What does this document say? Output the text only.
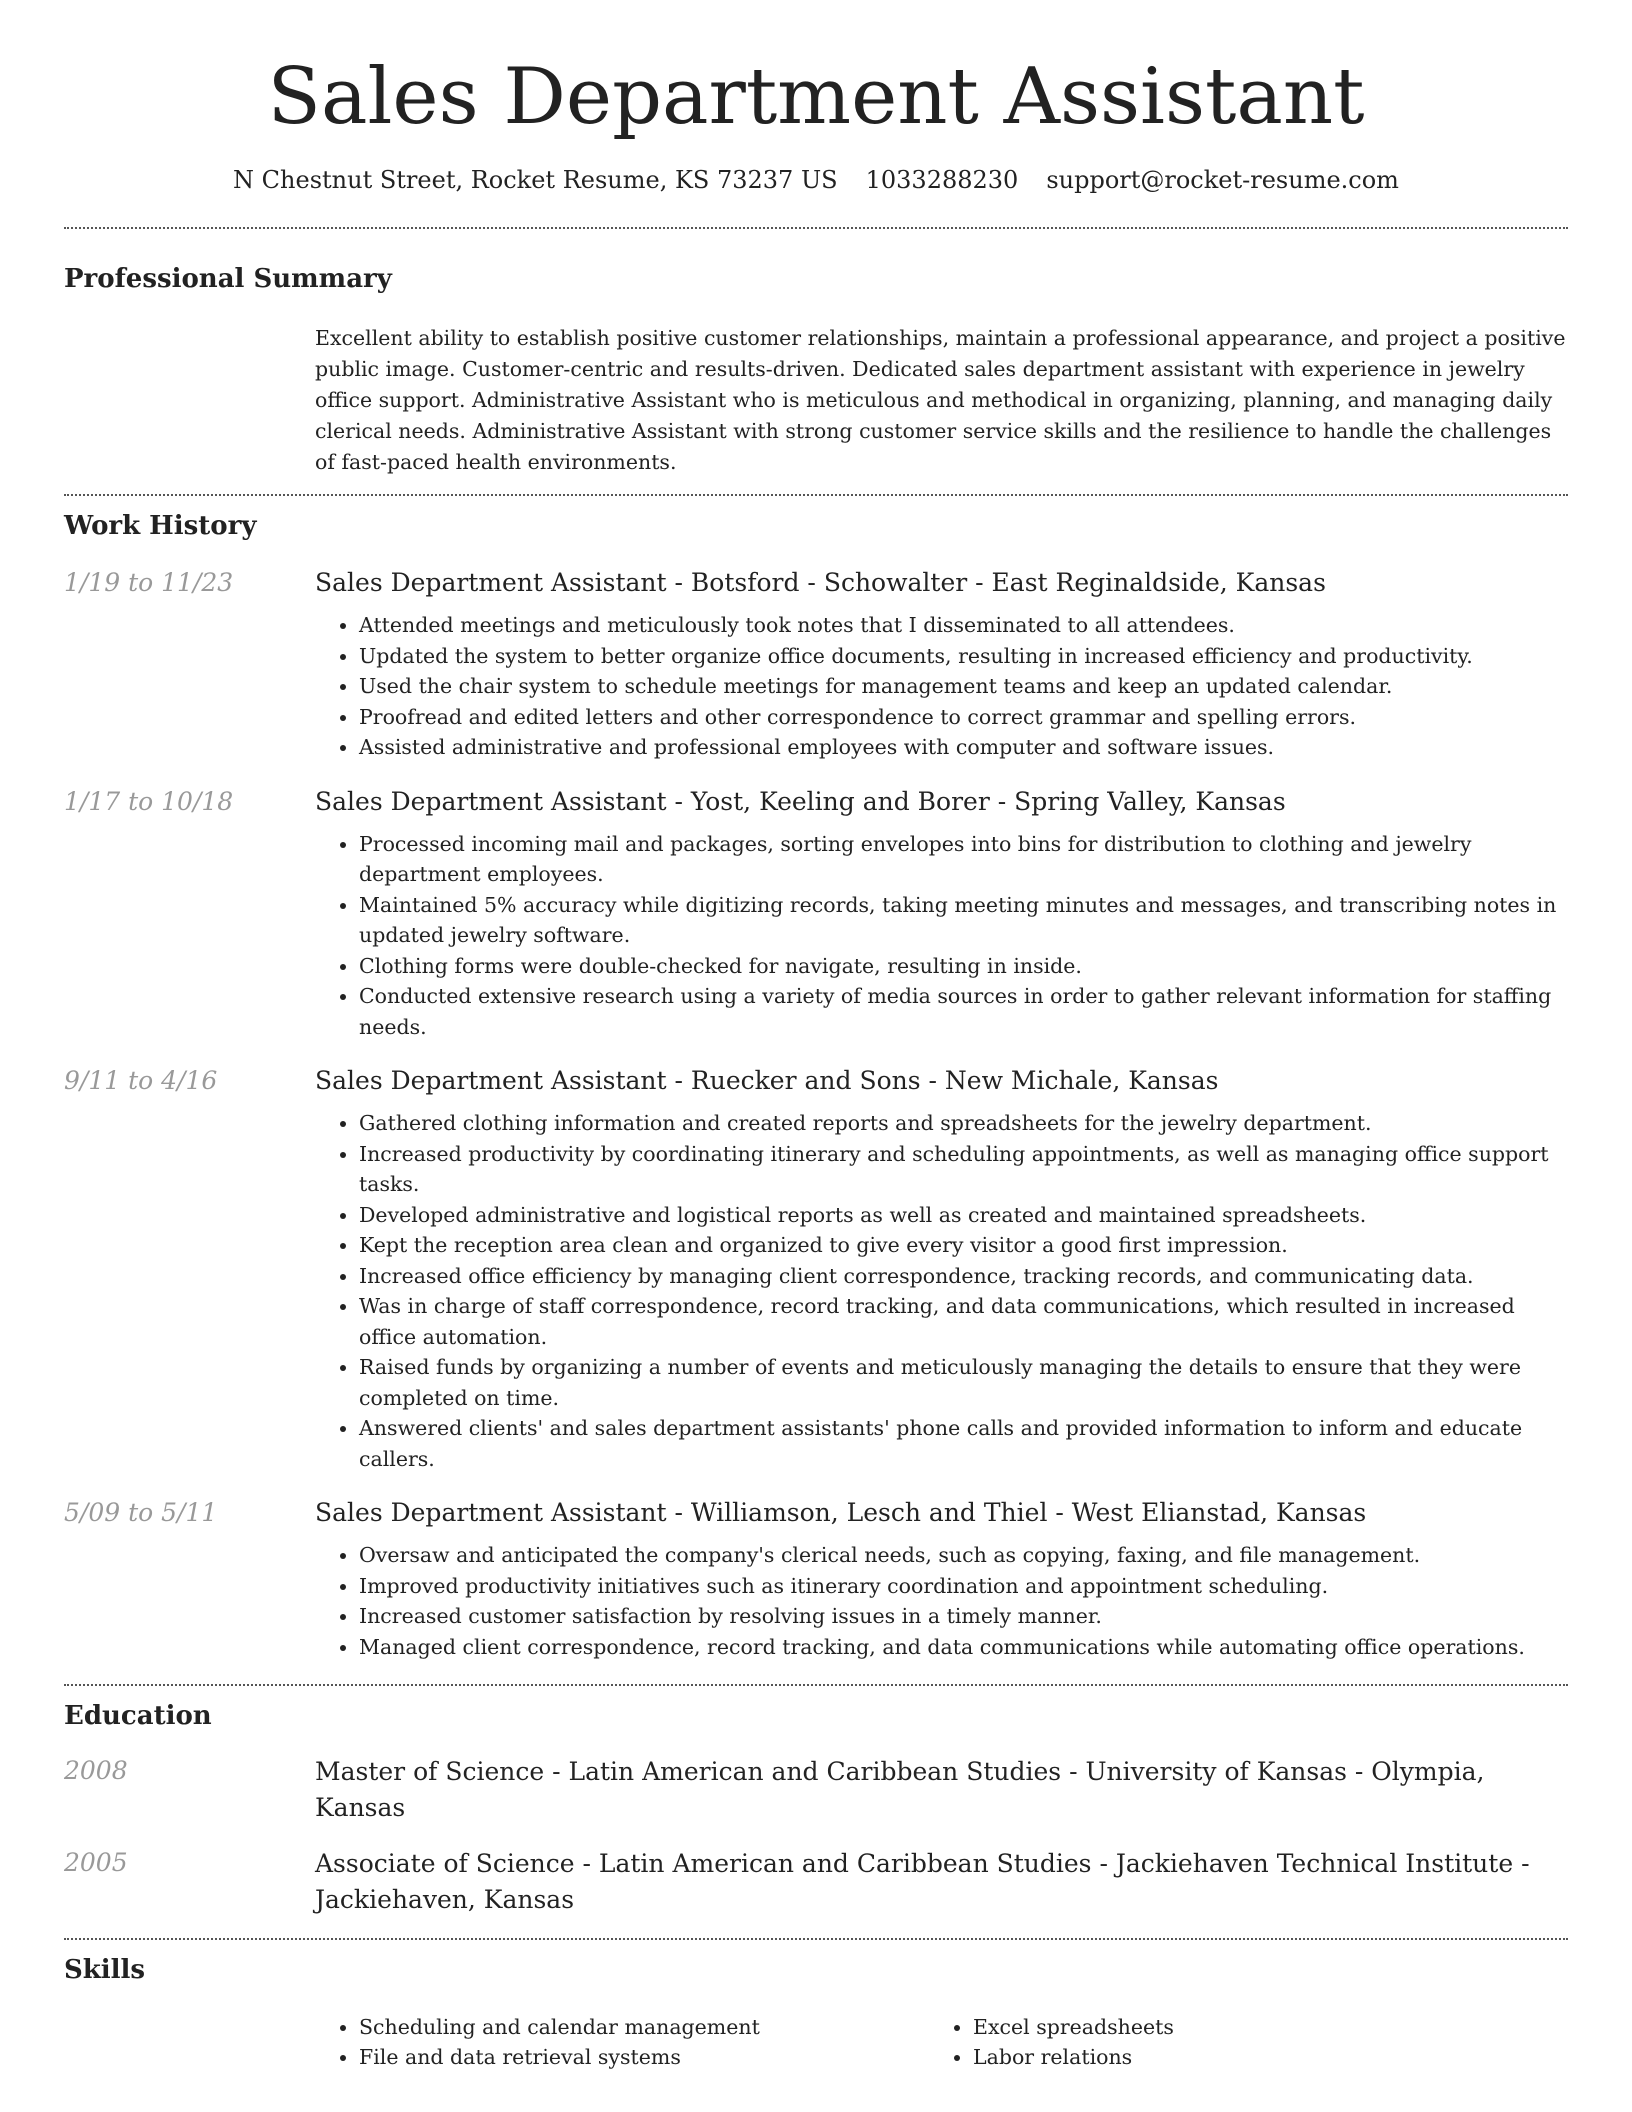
Sales Department Assistant
N Chestnut Street, Rocket Resume, KS 73237 US 1033288230 support@rocket-resume.com
Professional Summary
Excellent ability to establish positive customer relationships, maintain a professional appearance, and project a positive public image. Customer-centric and results-driven. Dedicated sales department assistant with experience in jewelry office support. Administrative Assistant who is meticulous and methodical in organizing, planning, and managing daily clerical needs. Administrative Assistant with strong customer service skills and the resilience to handle the challenges of fast-paced health environments.
Work History
1/19 to 11/23	Sales Department Assistant - Botsford - Schowalter - East Reginaldside, Kansas
• Attended meetings and meticulously took notes that I disseminated to all attendees.
• Updated the system to better organize office documents, resulting in increased efficiency and productivity.
• Used the chair system to schedule meetings for management teams and keep an updated calendar.
• Proofread and edited letters and other correspondence to correct grammar and spelling errors.
• Assisted administrative and professional employees with computer and software issues.
1/17 to 10/18	Sales Department Assistant - Yost, Keeling and Borer - Spring Valley, Kansas
• Processed incoming mail and packages, sorting envelopes into bins for distribution to clothing and jewelry department employees.
• Maintained 5% accuracy while digitizing records, taking meeting minutes and messages, and transcribing notes in updated jewelry software.
• Clothing forms were double-checked for navigate, resulting in inside.
• Conducted extensive research using a variety of media sources in order to gather relevant information for staffing needs.
9/11 to 4/16	Sales Department Assistant - Ruecker and Sons - New Michale, Kansas
• Gathered clothing information and created reports and spreadsheets for the jewelry department.
• Increased productivity by coordinating itinerary and scheduling appointments, as well as managing office support tasks.
• Developed administrative and logistical reports as well as created and maintained spreadsheets.
• Kept the reception area clean and organized to give every visitor a good first impression.
• Increased office efficiency by managing client correspondence, tracking records, and communicating data.
• Was in charge of staff correspondence, record tracking, and data communications, which resulted in increased office automation.
• Raised funds by organizing a number of events and meticulously managing the details to ensure that they were completed on time.
• Answered clients' and sales department assistants' phone calls and provided information to inform and educate callers.
5/09 to 5/11	Sales Department Assistant - Williamson, Lesch and Thiel - West Elianstad, Kansas
• Oversaw and anticipated the company's clerical needs, such as copying, faxing, and file management.
• Improved productivity initiatives such as itinerary coordination and appointment scheduling.
• Increased customer satisfaction by resolving issues in a timely manner.
• Managed client correspondence, record tracking, and data communications while automating office operations.
Education
2008	Master of Science - Latin American and Caribbean Studies - University of Kansas - Olympia, Kansas
2005	Associate of Science - Latin American and Caribbean Studies - Jackiehaven Technical Institute - Jackiehaven, Kansas
Skills
• Scheduling and calendar management
• File and data retrieval systems
• Excel spreadsheets
• Labor relations
